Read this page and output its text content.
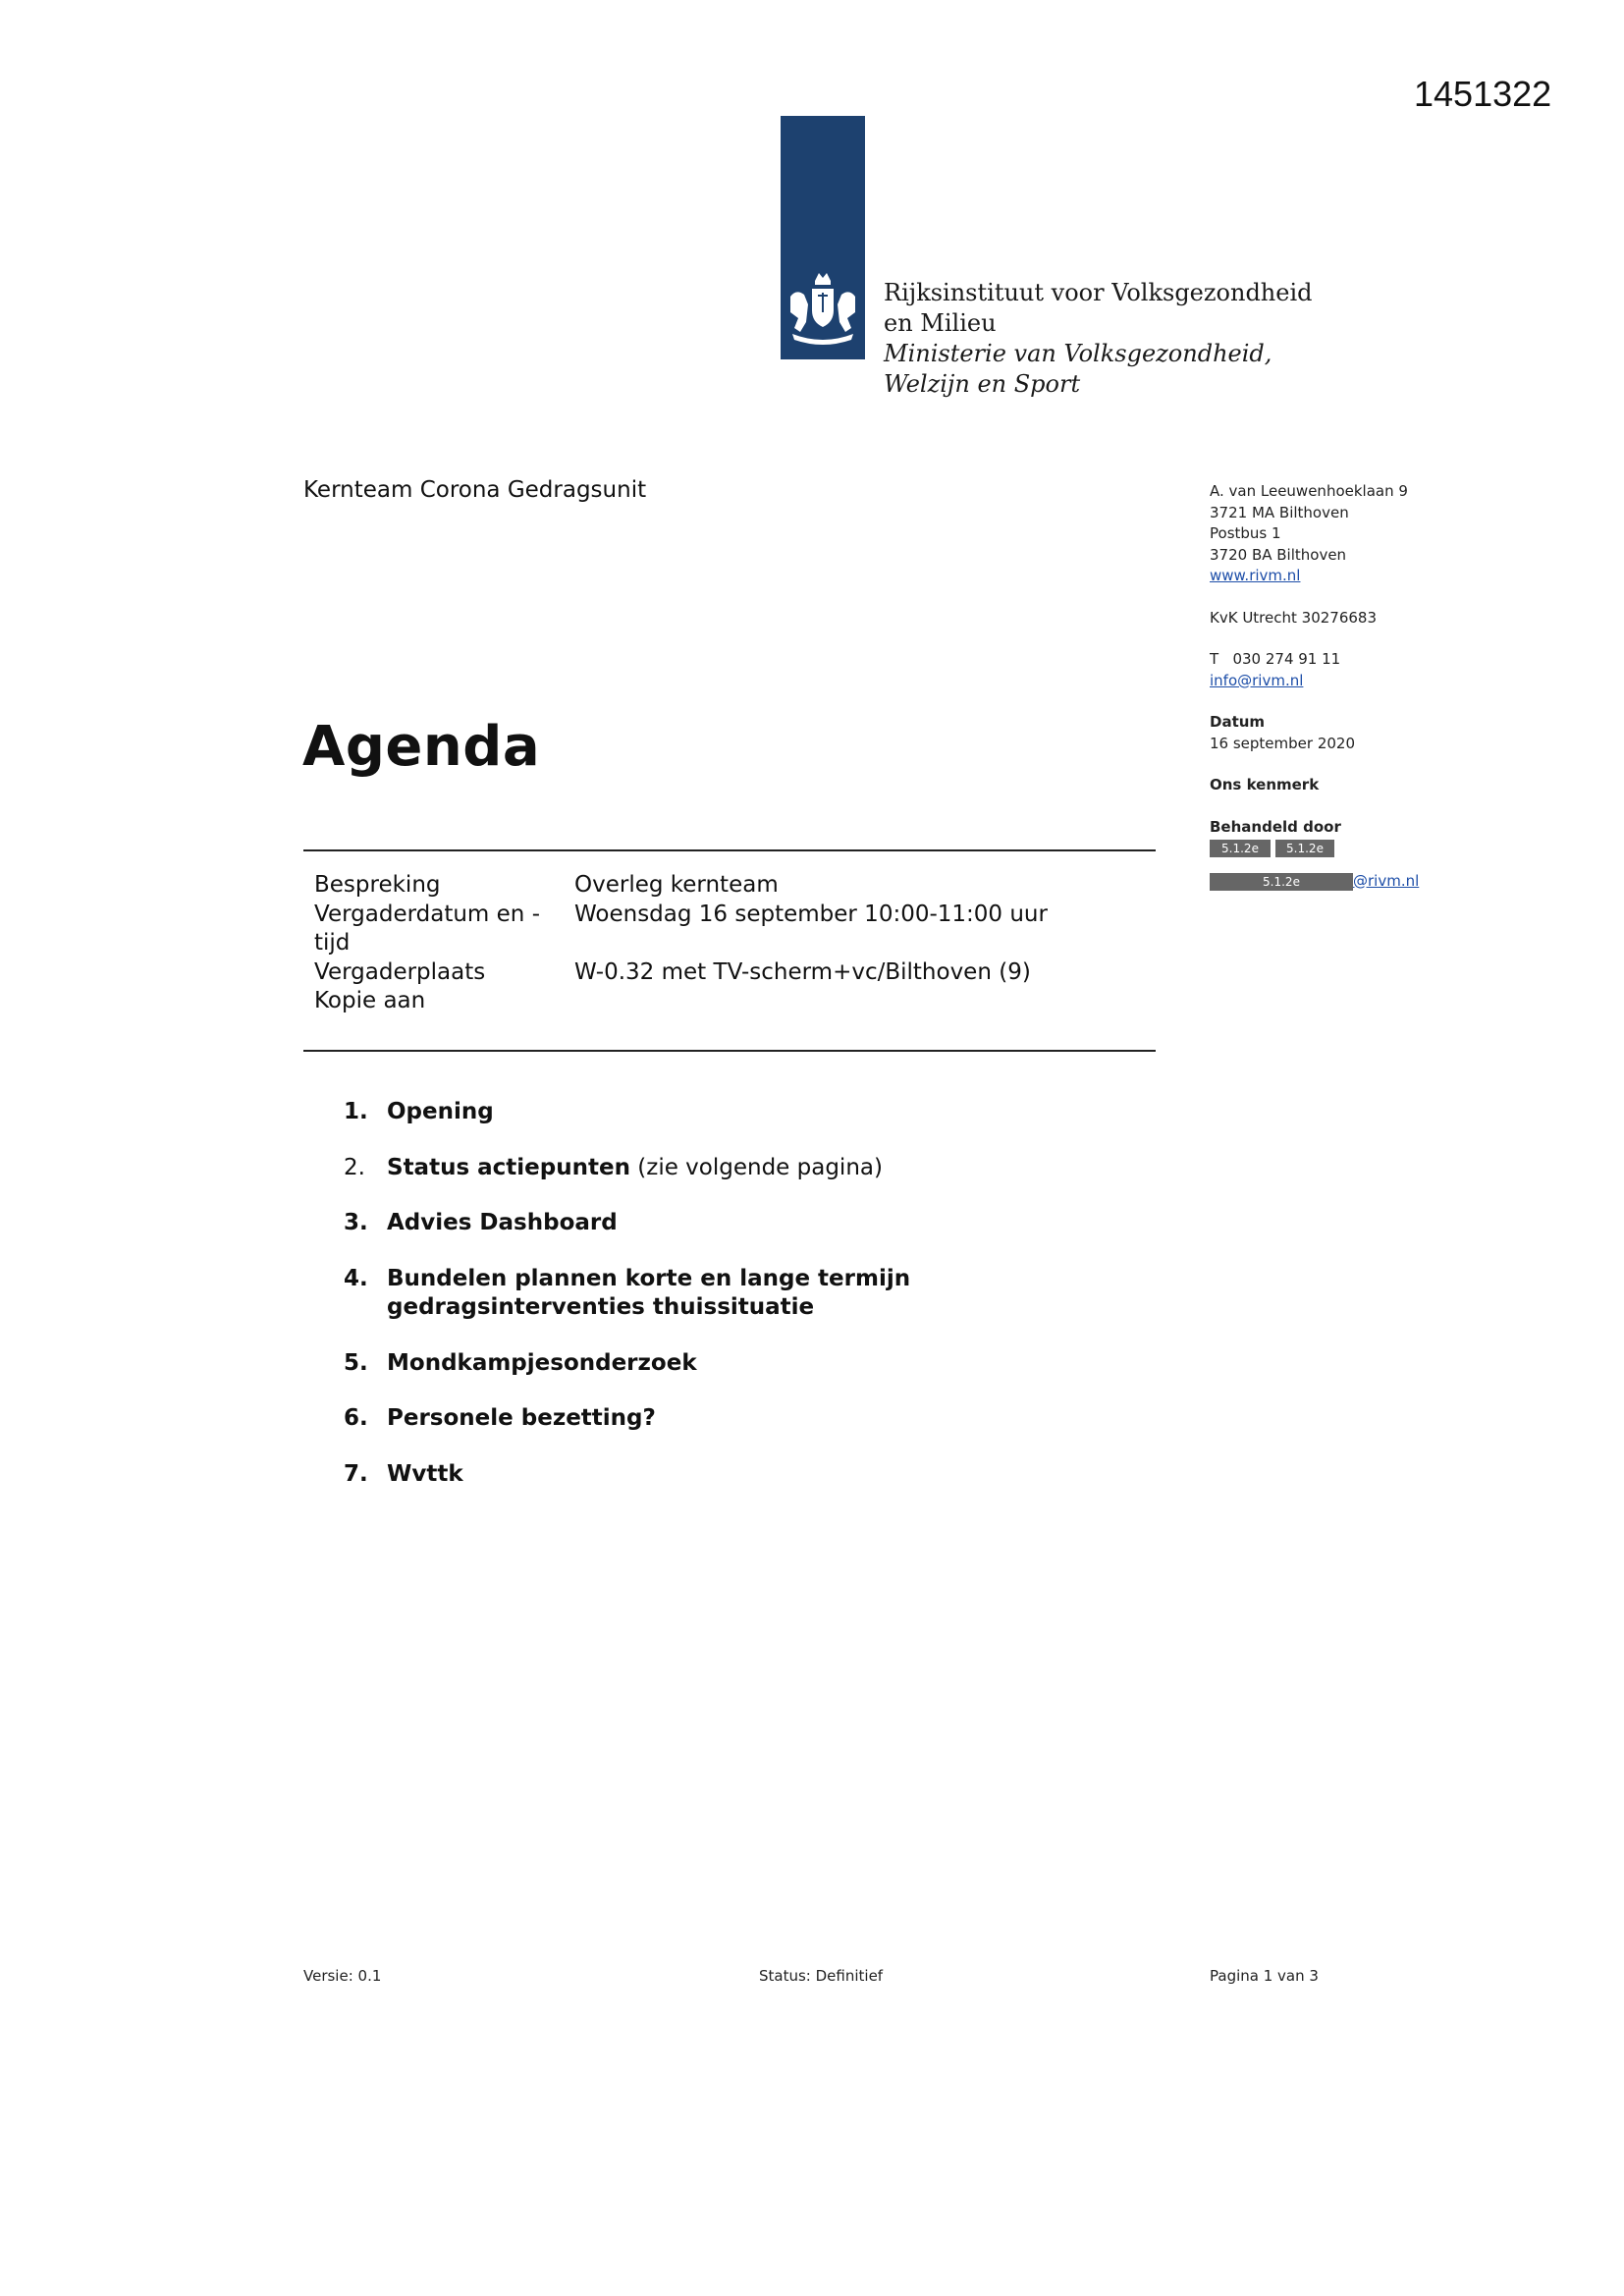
1451322
Rijksinstituut voor Volksgezondheid
en Milieu
Ministerie van Volksgezondheid,
Welzijn en Sport
Kernteam Corona Gedragsunit	A. van Leeuwenhoeklaan 9
3721 MA Bilthoven
Postbus 1
3720 BA Bilthoven
www.rivm.nl
KvK Utrecht 30276683
T   030 274 91 11
info@rivm.nl
Datum
16 september 2020
Ons kenmerk
Behandeld door
5.1.2e 5.1.2e
5.1.2e	@rivm.nl
Agenda
Bespreking	Overleg kernteam
Vergaderdatum en - tijd	Woensdag 16 september 10:00-11:00 uur
Vergaderplaats	W-0.32 met TV-scherm+vc/Bilthoven (9)
Kopie aan	
1. Opening
2. Status actiepunten (zie volgende pagina)
3. Advies Dashboard
4. Bundelen plannen korte en lange termijn gedragsinterventies thuissituatie
5. Mondkampjesonderzoek
6. Personele bezetting?
7. Wvttk
Versie: 0.1	Status: Definitief	Pagina 1 van 3
